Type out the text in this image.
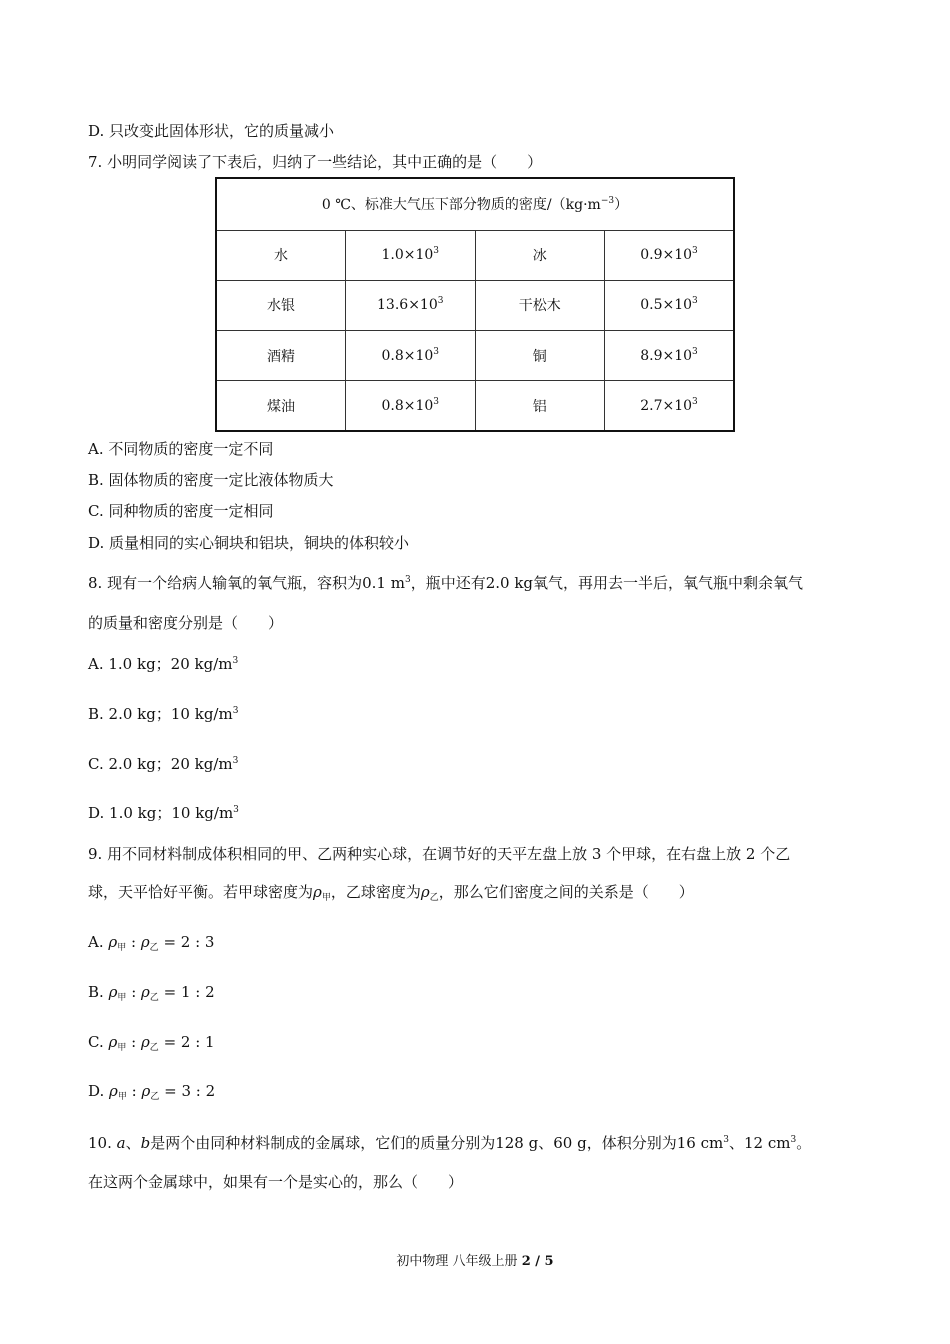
D. 只改变此固体形状，它的质量减小
7. 小明同学阅读了下表后，归纳了一些结论，其中正确的是（　　）
0 ℃、标准大气压下部分物质的密度$/(kg\cdot m^{-3})$			
水	$1.0\times 10^3$	冰	$0.9\times 10^3$
水银	$13.6\times 10^3$	干松木	$0.5\times 10^3$
酒精	$0.8\times 10^3$	铜	$8.9\times 10^3$
煤油	$0.8\times 10^3$	铝	$2.7\times 10^3$
A. 不同物质的密度一定不同
B. 固体物质的密度一定比液体物质大
C. 同种物质的密度一定相同
D. 质量相同的实心铜块和铝块，铜块的体积较小
8. 现有一个给病人输氧的氧气瓶，容积为0.1 $m^3$，瓶中还有2.0 kg氧气，再用去一半后，氧气瓶中剩余氧气
的质量和密度分别是（　　）
A. 1.0 kg；20 $kg/m^3$
B. 2.0 kg；10 $kg/m^3$
C. 2.0 kg；20 $kg/m^3$
D. 1.0 kg；10 $kg/m^3$
9. 用不同材料制成体积相同的甲、乙两种实心球，在调节好的天平左盘上放 3 个甲球，在右盘上放 2 个乙
球，天平恰好平衡。若甲球密度为$\rho_甲$，乙球密度为$\rho_乙$，那么它们密度之间的关系是（　　）
A. $\rho_甲$ : $\rho_乙 = 2$ : 3
B. $\rho_甲$ : $\rho_乙 = 1$ : 2
C. $\rho_甲$ : $\rho_乙 = 2$ : 1
D. $\rho_甲$ : $\rho_乙 = 3$ : 2
10. a、b是两个由同种材料制成的金属球，它们的质量分别为128 g、60 g，体积分别为16 $cm^3$、12 $cm^3$。
在这两个金属球中，如果有一个是实心的，那么（　　）
初中物理 八年级上册 2 / 5
